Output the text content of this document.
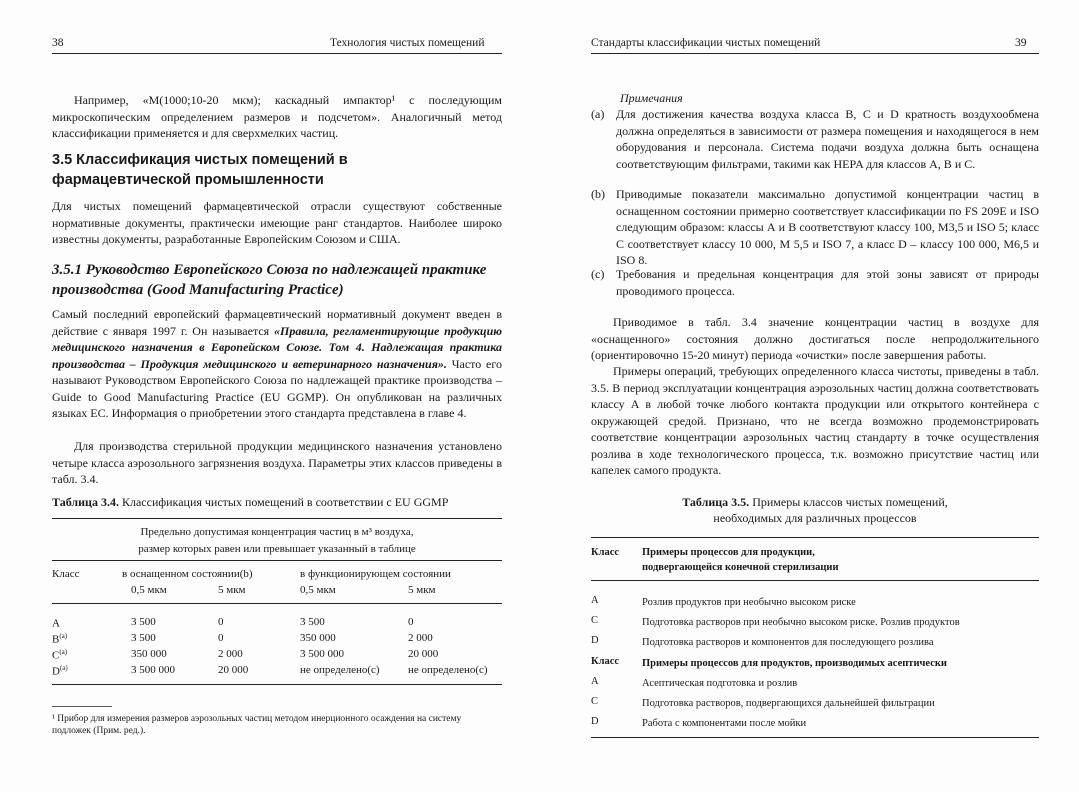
38	Технология чистых помещений

Например, «М(1000;10-20 мкм); каскадный импактор¹ с последующим микроскопическим определением размеров и подсчетом». Аналогичный метод классификации применяется и для сверхмелких частиц.

3.5 Классификация чистых помещений в фармацевтической промышленности

Для чистых помещений фармацевтической отрасли существуют собственные нормативные документы, практически имеющие ранг стандартов. Наиболее широко известны документы, разработанные Европейским Союзом и США.

3.5.1 Руководство Европейского Союза по надлежащей практике производства (Good Manufacturing Practice)

Самый последний европейский фармацевтический нормативный документ введен в действие с января 1997 г. Он называется «Правила, регламентирующие продукцию медицинского назначения в Европейском Союзе. Том 4. Надлежащая практика производства – Продукция медицинского и ветеринарного назначения». Часто его называют Руководством Европейского Союза по надлежащей практике производства – Guide to Good Manufacturing Practice (EU GGMP). Он опубликован на различных языках ЕС. Информация о приобретении этого стандарта представлена в главе 4.

Для производства стерильной продукции медицинского назначения установлено четыре класса аэрозольного загрязнения воздуха. Параметры этих классов приведены в табл. 3.4.

Таблица 3.4. Классификация чистых помещений в соответствии с EU GGMP

Предельно допустимая концентрация частиц в м³ воздуха,
размер которых равен или превышает указанный в таблице
Класс	в оснащенном состоянии(b)	в функционирующем состоянии
0,5 мкм	5 мкм	0,5 мкм	5 мкм
A	3 500	0	3 500	0
$B^{(a)}$	3 500	0	350 000	2 000
$C^{(a)}$	350 000	2 000	3 500 000	20 000
$D^{(a)}$	3 500 000	20 000	не определено(c)	не определено(c)

¹ Прибор для измерения размеров аэрозольных частиц методом инерционного осаждения на систему подложек (Прим. ред.).

Стандарты классификации чистых помещений	39

Примечания

(a) Для достижения качества воздуха класса В, С и D кратность воздухообмена должна определяться в зависимости от размера помещения и находящегося в нем оборудования и персонала. Система подачи воздуха должна быть оснащена соответствующим фильтрами, такими как HEPA для классов А, В и С.

(b) Приводимые показатели максимально допустимой концентрации частиц в оснащенном состоянии примерно соответствует классификации по FS 209E и ISO следующим образом: классы А и В соответствуют классу 100, M3,5 и ISO 5; класс С соответствует классу 10 000, М 5,5 и ISO 7, а класс D – классу 100 000, M6,5 и ISO 8.

(c) Требования и предельная концентрация для этой зоны зависят от природы проводимого процесса.

Приводимое в табл. 3.4 значение концентрации частиц в воздухе для «оснащенного» состояния должно достигаться после непродолжительного (ориентировочно 15-20 минут) периода «очистки» после завершения работы.

Примеры операций, требующих определенного класса чистоты, приведены в табл. 3.5. В период эксплуатации концентрация аэрозольных частиц должна соответствовать классу А в любой точке любого контакта продукции или открытого контейнера с окружающей средой. Признано, что не всегда возможно продемонстрировать соответствие концентрации аэрозольных частиц стандарту в точке осуществления розлива в ходе технологического процесса, т.к. возможно присутствие частиц или капелек самого продукта.

Таблица 3.5. Примеры классов чистых помещений,
необходимых для различных процессов

Класс Примеры процессов для продукции,
подвергающейся конечной стерилизации
A	Розлив продуктов при необычно высоком риске
C	Подготовка растворов при необычно высоком риске. Розлив продуктов
D	Подготовка растворов и компонентов для последующего розлива
Класс Примеры процессов для продуктов, производимых асептически
A	Асептическая подготовка и розлив
C	Подготовка растворов, подвергающихся дальнейшей фильтрации
D	Работа с компонентами после мойки
